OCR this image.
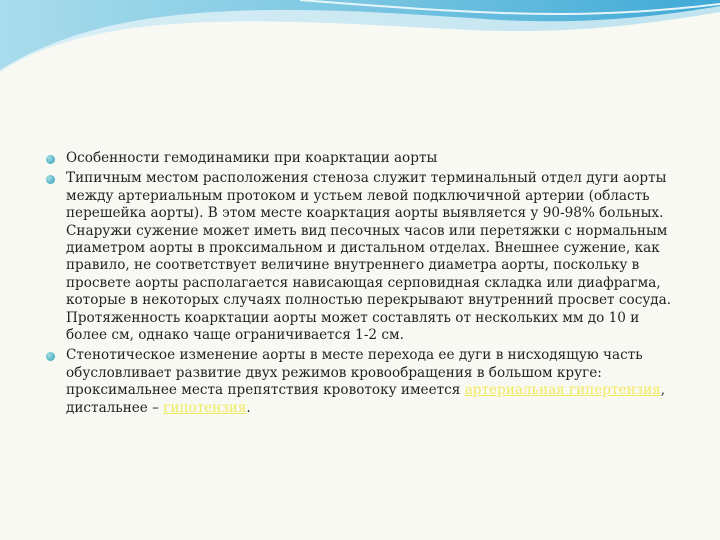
Особенности гемодинамики при коарктации аорты
Типичным местом расположения стеноза служит терминальный отдел дуги аорты между артериальным протоком и устьем левой подключичной артерии (область перешейка аорты). В этом месте коарктация аорты выявляется у 90-98% больных. Снаружи сужение может иметь вид песочных часов или перетяжки с нормальным диаметром аорты в проксимальном и дистальном отделах. Внешнее сужение, как правило, не соответствует величине внутреннего диаметра аорты, поскольку в просвете аорты располагается нависающая серповидная складка или диафрагма, которые в некоторых случаях полностью перекрывают внутренний просвет сосуда. Протяженность коарктации аорты может составлять от нескольких мм до 10 и более см, однако чаще ограничивается 1-2 см.
Стенотическое изменение аорты в месте перехода ее дуги в нисходящую часть обусловливает развитие двух режимов кровообращения в большом круге: проксимальнее места препятствия кровотоку имеется артериальная гипертензия, дистальнее – гипотензия.
